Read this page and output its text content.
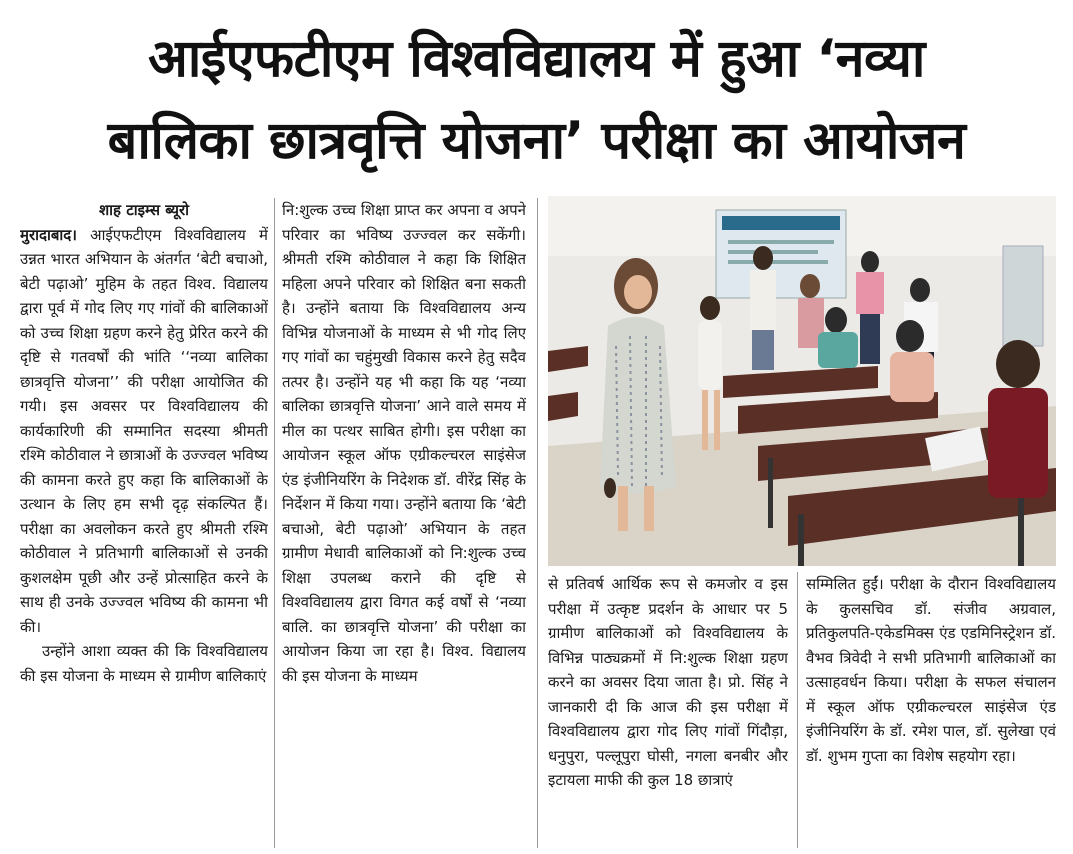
आईएफटीएम विश्वविद्यालय में हुआ ‘नव्या
बालिका छात्रवृत्ति योजना’ परीक्षा का आयोजन

शाह टाइम्स ब्यूरो

मुरादाबाद। आईएफटीएम विश्वविद्यालय में उन्नत भारत अभियान के अंतर्गत ‘बेटी बचाओ, बेटी पढ़ाओ’ मुहिम के तहत विश्व. विद्यालय द्वारा पूर्व में गोद लिए गए गांवों की बालिकाओं को उच्च शिक्षा ग्रहण करने हेतु प्रेरित करने की दृष्टि से गतवर्षों की भांति ‘‘नव्या बालिका छात्रवृत्ति योजना’’ की परीक्षा आयोजित की गयी। इस अवसर पर विश्वविद्यालय की कार्यकारिणी की सम्मानित सदस्या श्रीमती रश्मि कोठीवाल ने छात्राओं के उज्ज्वल भविष्य की कामना करते हुए कहा कि बालिकाओं के उत्थान के लिए हम सभी दृढ़ संकल्पित हैं। परीक्षा का अवलोकन करते हुए श्रीमती रश्मि कोठीवाल ने प्रतिभागी बालिकाओं से उनकी कुशलक्षेम पूछी और उन्हें प्रोत्साहित करने के साथ ही उनके उज्ज्वल भविष्य की कामना भी की।

उन्होंने आशा व्यक्त की कि विश्वविद्यालय की इस योजना के माध्यम से ग्रामीण बालिकाएं

नि:शुल्क उच्च शिक्षा प्राप्त कर अपना व अपने परिवार का भविष्य उज्ज्वल कर सकेंगी। श्रीमती रश्मि कोठीवाल ने कहा कि शिक्षित महिला अपने परिवार को शिक्षित बना सकती है। उन्होंने बताया कि विश्वविद्यालय अन्य विभिन्न योजनाओं के माध्यम से भी गोद लिए गए गांवों का चहुंमुखी विकास करने हेतु सदैव तत्पर है। उन्होंने यह भी कहा कि यह ‘नव्या बालिका छात्रवृत्ति योजना’ आने वाले समय में मील का पत्थर साबित होगी। इस परीक्षा का आयोजन स्कूल ऑफ एग्रीकल्चरल साइंसेज एंड इंजीनियरिंग के निदेशक डॉ. वीरेंद्र सिंह के निर्देशन में किया गया। उन्होंने बताया कि ‘बेटी बचाओ, बेटी पढ़ाओ’ अभियान के तहत ग्रामीण मेधावी बालिकाओं को नि:शुल्क उच्च शिक्षा उपलब्ध कराने की दृष्टि से विश्वविद्यालय द्वारा विगत कई वर्षों से ‘नव्या बालि. का छात्रवृत्ति योजना’ की परीक्षा का आयोजन किया जा रहा है। विश्व. विद्यालय की इस योजना के माध्यम

से प्रतिवर्ष आर्थिक रूप से कमजोर व इस परीक्षा में उत्कृष्ट प्रदर्शन के आधार पर 5 ग्रामीण बालिकाओं को विश्वविद्यालय के विभिन्न पाठ्यक्रमों में नि:शुल्क शिक्षा ग्रहण करने का अवसर दिया जाता है। प्रो. सिंह ने जानकारी दी कि आज की इस परीक्षा में विश्वविद्यालय द्वारा गोद लिए गांवों गिंदौड़ा, धनुपुरा, पल्लूपुरा घोसी, नगला बनबीर और इटायला माफी की कुल 18 छात्राएं

सम्मिलित हुईं। परीक्षा के दौरान विश्वविद्यालय के कुलसचिव डॉ. संजीव अग्रवाल, प्रतिकुलपति-एकेडमिक्स एंड एडमिनिस्ट्रेशन डॉ. वैभव त्रिवेदी ने सभी प्रतिभागी बालिकाओं का उत्साहवर्धन किया। परीक्षा के सफल संचालन में स्कूल ऑफ एग्रीकल्चरल साइंसेज एंड इंजीनियरिंग के डॉ. रमेश पाल, डॉ. सुलेखा एवं डॉ. शुभम गुप्ता का विशेष सहयोग रहा।
